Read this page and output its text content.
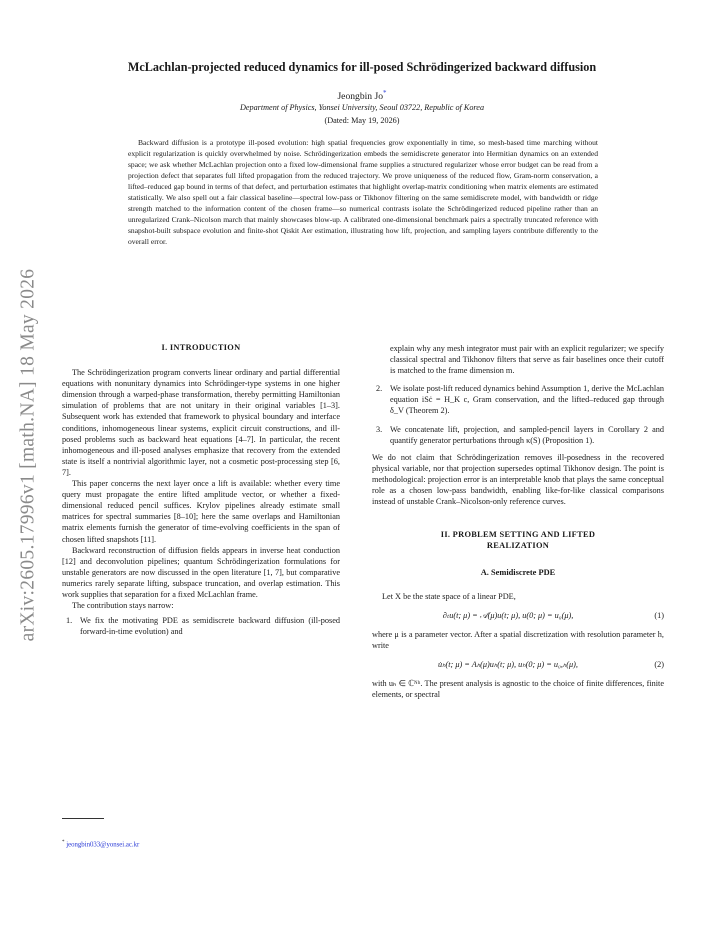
arXiv:2605.17996v1 [math.NA] 18 May 2026
McLachlan-projected reduced dynamics for ill-posed Schrödingerized backward diffusion
Jeongbin Jo*
Department of Physics, Yonsei University, Seoul 03722, Republic of Korea
(Dated: May 19, 2026)
Backward diffusion is a prototype ill-posed evolution: high spatial frequencies grow exponentially in time, so mesh-based time marching without explicit regularization is quickly overwhelmed by noise. Schrödingerization embeds the semidiscrete generator into Hermitian dynamics on an extended space; we ask whether McLachlan projection onto a fixed low-dimensional frame supplies a structured regularizer whose error budget can be read from a projection defect that separates full lifted propagation from the reduced trajectory. We prove uniqueness of the reduced flow, Gram-norm conservation, a lifted–reduced gap bound in terms of that defect, and perturbation estimates that highlight overlap-matrix conditioning when matrix elements are estimated statistically. We also spell out a fair classical baseline—spectral low-pass or Tikhonov filtering on the same semidiscrete model, with bandwidth or ridge strength matched to the information content of the chosen frame—so numerical contrasts isolate the Schrödingerized reduced pipeline rather than an unregularized Crank–Nicolson march that mainly showcases blow-up. A calibrated one-dimensional benchmark pairs a spectrally truncated reference with snapshot-built subspace evolution and finite-shot Qiskit Aer estimation, illustrating how lift, projection, and sampling layers contribute differently to the overall error.
I. INTRODUCTION

The Schrödingerization program converts linear ordinary and partial differential equations with nonunitary dynamics into Schrödinger-type systems in one higher dimension through a warped-phase transformation, thereby permitting Hamiltonian simulation of problems that are not unitary in their original variables [1–3]. Subsequent work has extended that framework to physical boundary and interface conditions, inhomogeneous linear systems, explicit circuit constructions, and ill-posed problems such as backward heat equations [4–7]. In particular, the recent inhomogeneous and ill-posed analyses emphasize that recovery from the extended state is itself a nontrivial algorithmic layer, not a cosmetic post-processing step [6, 7].

This paper concerns the next layer once a lift is available: whether every time query must propagate the entire lifted amplitude vector, or whether a fixed-dimensional reduced pencil suffices. Krylov pipelines already estimate small matrices for spectral summaries [8–10]; here the same overlaps and Hamiltonian matrix elements furnish the generator of time-evolving coefficients in the span of chosen lifted snapshots [11].

Backward reconstruction of diffusion fields appears in inverse heat conduction [12] and deconvolution pipelines; quantum Schrödingerization formulations for unstable generators are now discussed in the open literature [1, 7], but comparative numerics rarely separate lifting, subspace truncation, and overlap estimation. This work supplies that separation for a fixed McLachlan frame.

The contribution stays narrow:

1. We fix the motivating PDE as semidiscrete backward diffusion (ill-posed forward-in-time evolution) and
explain why any mesh integrator must pair with an explicit regularizer; we specify classical spectral and Tikhonov filters that serve as fair baselines once their cutoff is matched to the frame dimension m.
2. We isolate post-lift reduced dynamics behind Assumption 1, derive the McLachlan equation iSċ = H_K c, Gram conservation, and the lifted–reduced gap through δ_V (Theorem 2).
3. We concatenate lift, projection, and sampled-pencil layers in Corollary 2 and quantify generator perturbations through κ(S) (Proposition 1).

We do not claim that Schrödingerization removes ill-posedness in the recovered physical variable, nor that projection supersedes optimal Tikhonov design. The point is methodological: projection error is an interpretable knob that plays the same conceptual role as a chosen low-pass bandwidth, enabling like-for-like classical comparisons instead of unstable Crank–Nicolson-only reference curves.

II. PROBLEM SETTING AND LIFTED REALIZATION
A. Semidiscrete PDE

Let X be the state space of a linear PDE,

∂ₜu(t; μ) = 𝒜(μ)u(t; μ), u(0; μ) = u₀(μ),	(1)

where μ is a parameter vector. After a spatial discretization with resolution parameter h, write

u̇ₕ(t; μ) = Aₕ(μ)uₕ(t; μ), uₕ(0; μ) = u₀,ₕ(μ),	(2)

with uₕ ∈ ℂᴺʰ. The present analysis is agnostic to the choice of finite differences, finite elements, or spectral

* jeongbin033@yonsei.ac.kr
